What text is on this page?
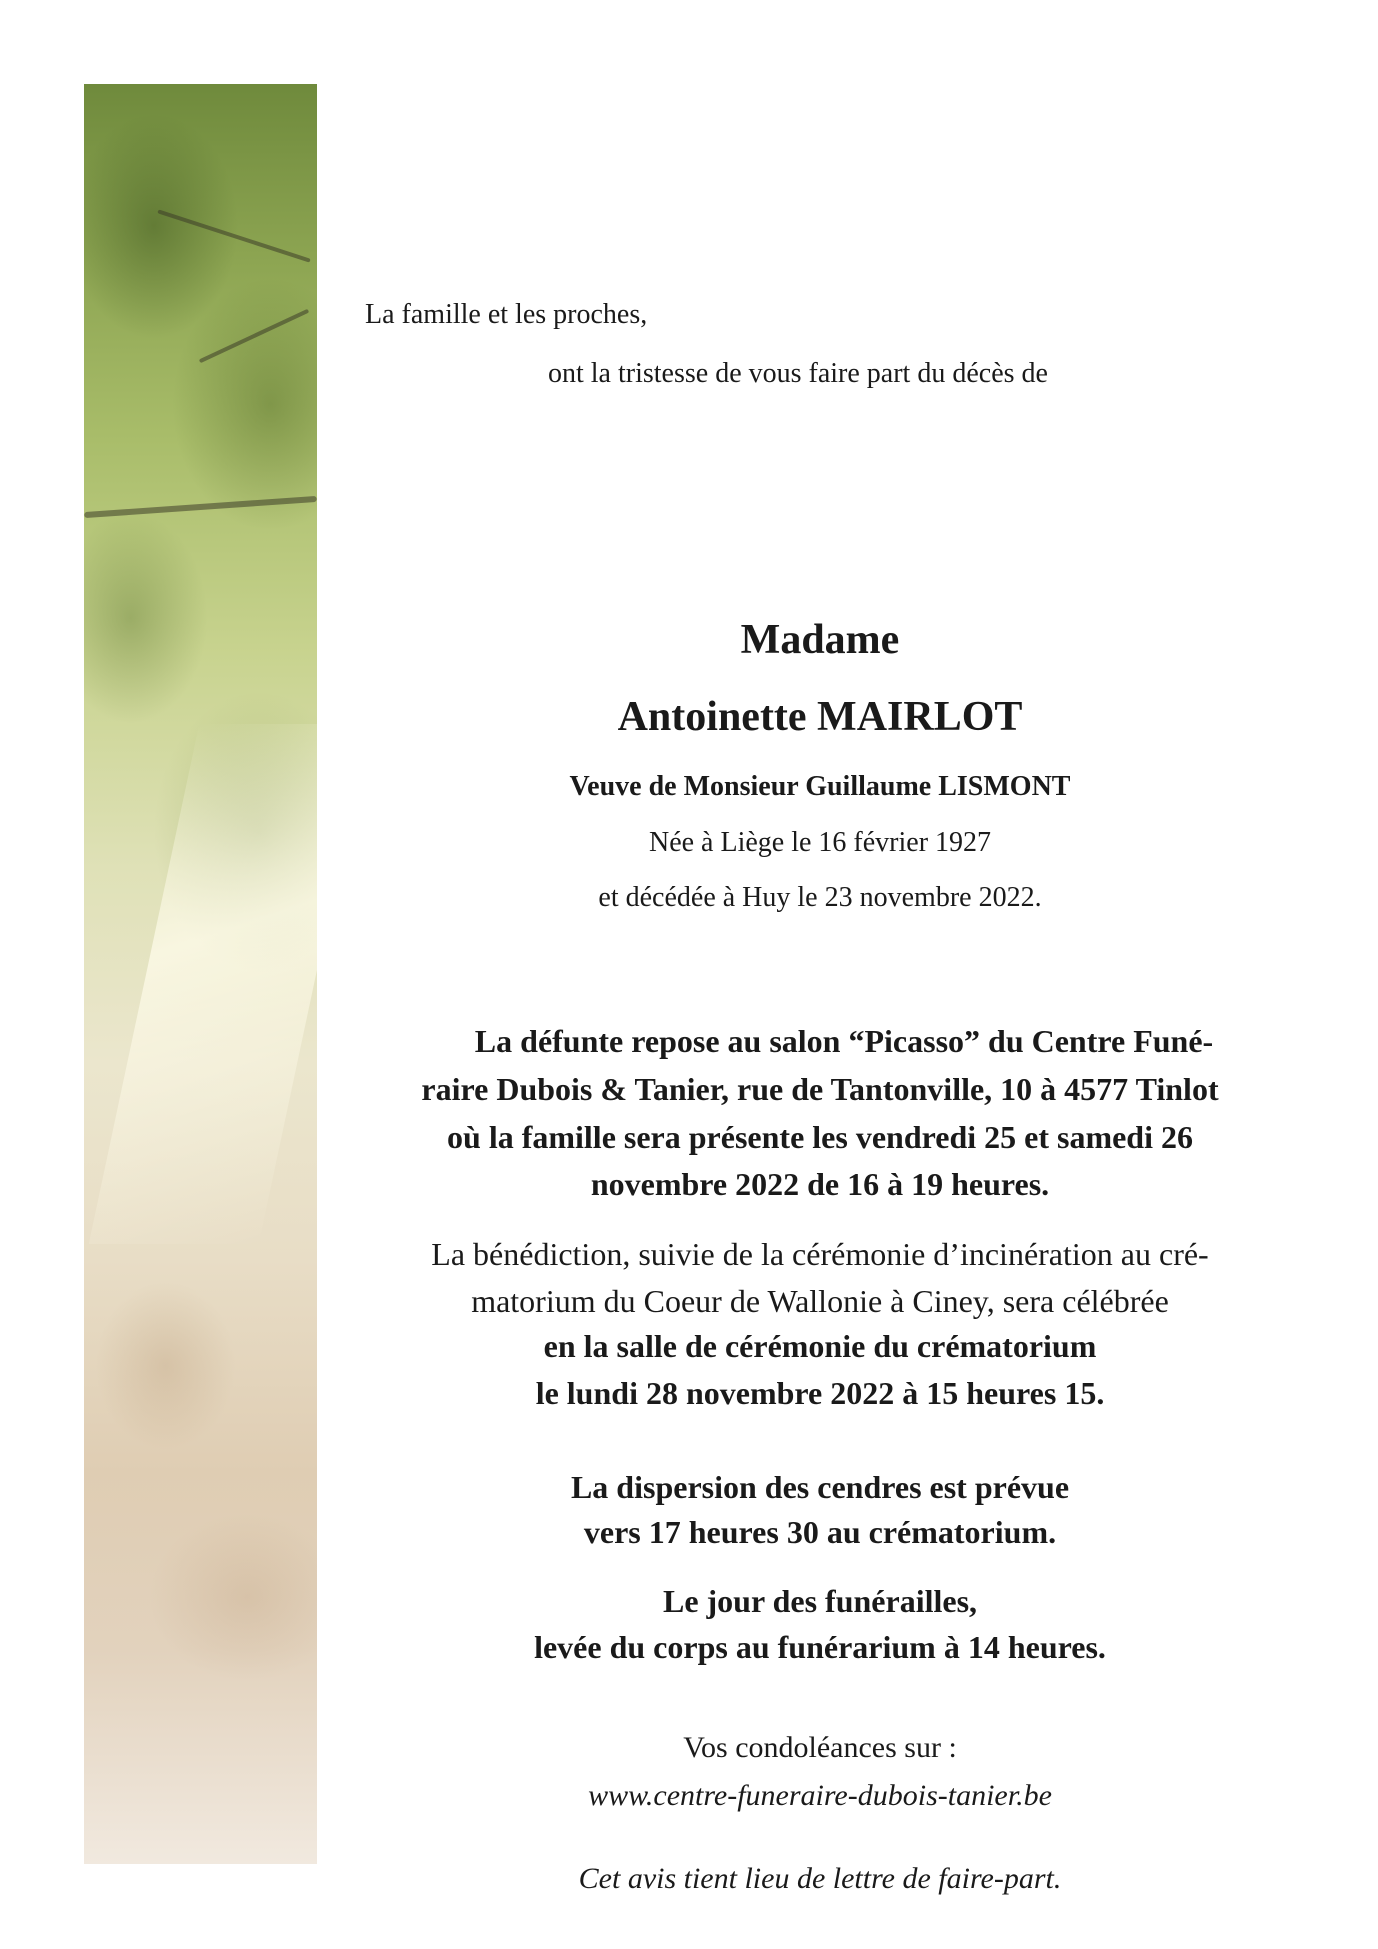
La famille et les proches,
ont la tristesse de vous faire part du décès de
Madame
Antoinette MAIRLOT
Veuve de Monsieur Guillaume LISMONT
Née à Liège le 16 février 1927
et décédée à Huy le 23 novembre 2022.
La défunte repose au salon “Picasso” du Centre Funé-
raire Dubois & Tanier, rue de Tantonville, 10 à 4577 Tinlot
où la famille sera présente les vendredi 25 et samedi 26
novembre 2022 de 16 à 19 heures.
La bénédiction, suivie de la cérémonie d’incinération au cré-
matorium du Coeur de Wallonie à Ciney, sera célébrée
en la salle de cérémonie du crématorium
le lundi 28 novembre 2022 à 15 heures 15.
La dispersion des cendres est prévue
vers 17 heures 30 au crématorium.
Le jour des funérailles,
levée du corps au funérarium à 14 heures.
Vos condoléances sur :
www.centre-funeraire-dubois-tanier.be
Cet avis tient lieu de lettre de faire-part.
